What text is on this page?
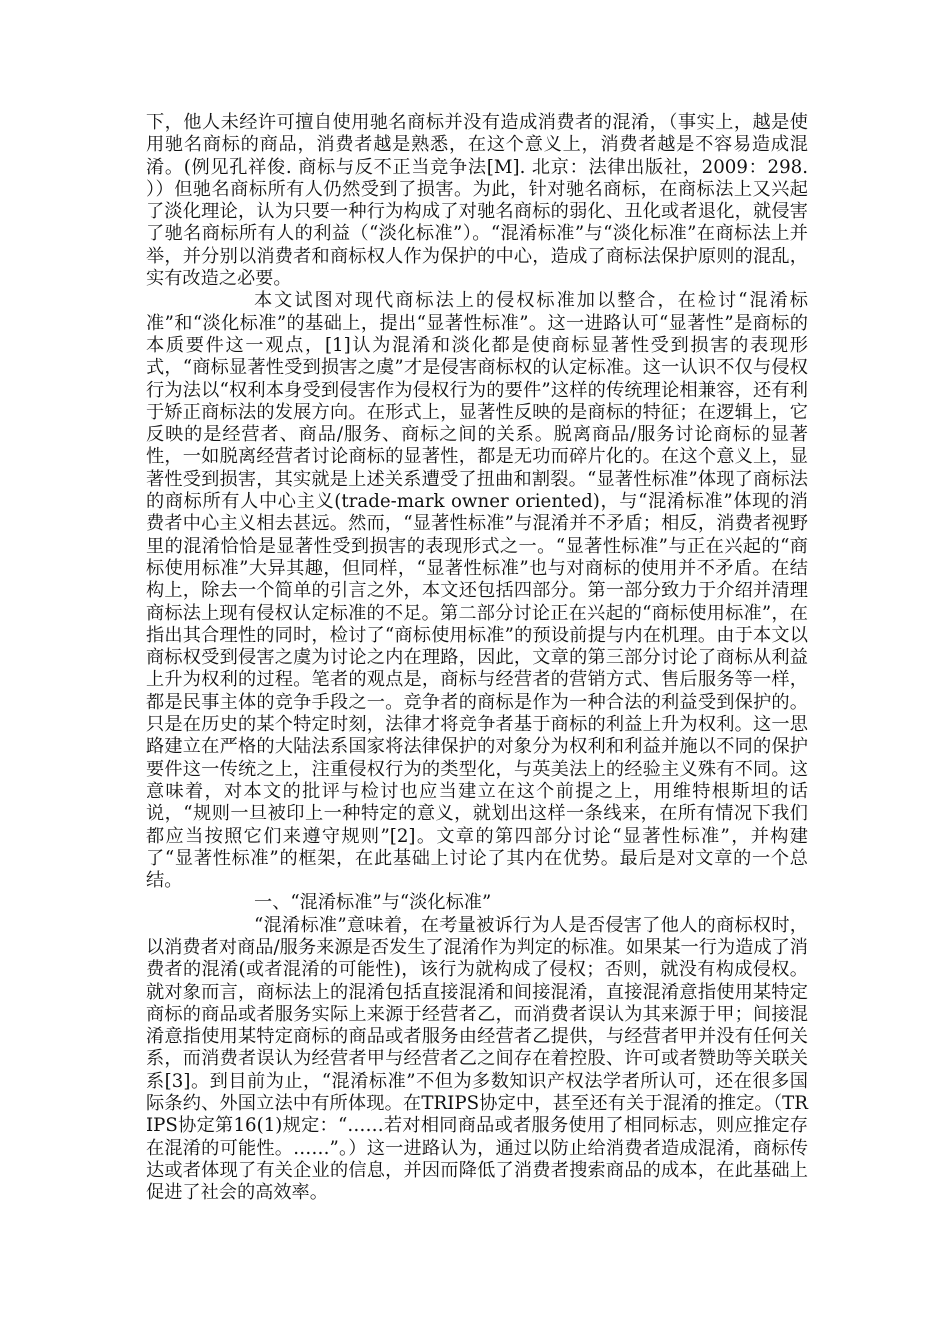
下，他人未经许可擅自使用驰名商标并没有造成消费者的混淆，（事实上，越是使用驰名商标的商品，消费者越是熟悉，在这个意义上，消费者越是不容易造成混淆。(例见孔祥俊. 商标与反不正当竞争法[M]. 北京：法律出版社，2009：298. ））但驰名商标所有人仍然受到了损害。为此，针对驰名商标，在商标法上又兴起了淡化理论，认为只要一种行为构成了对驰名商标的弱化、丑化或者退化，就侵害了驰名商标所有人的利益（“淡化标准”）。“混淆标准”与“淡化标准”在商标法上并举，并分别以消费者和商标权人作为保护的中心，造成了商标法保护原则的混乱，实有改造之必要。

本文试图对现代商标法上的侵权标准加以整合，在检讨“混淆标准”和“淡化标准”的基础上，提出“显著性标准”。这一进路认可“显著性”是商标的本质要件这一观点，[1]认为混淆和淡化都是使商标显著性受到损害的表现形式，“商标显著性受到损害之虞”才是侵害商标权的认定标准。这一认识不仅与侵权行为法以“权利本身受到侵害作为侵权行为的要件”这样的传统理论相兼容，还有利于矫正商标法的发展方向。在形式上，显著性反映的是商标的特征；在逻辑上，它反映的是经营者、商品/服务、商标之间的关系。脱离商品/服务讨论商标的显著性，一如脱离经营者讨论商标的显著性，都是无功而碎片化的。在这个意义上，显著性受到损害，其实就是上述关系遭受了扭曲和割裂。“显著性标准”体现了商标法的商标所有人中心主义(trade-mark owner oriented)，与“混淆标准”体现的消费者中心主义相去甚远。然而，“显著性标准”与混淆并不矛盾；相反，消费者视野里的混淆恰恰是显著性受到损害的表现形式之一。“显著性标准”与正在兴起的“商标使用标准”大异其趣，但同样，“显著性标准”也与对商标的使用并不矛盾。在结构上，除去一个简单的引言之外，本文还包括四部分。第一部分致力于介绍并清理商标法上现有侵权认定标准的不足。第二部分讨论正在兴起的“商标使用标准”，在指出其合理性的同时，检讨了“商标使用标准”的预设前提与内在机理。由于本文以商标权受到侵害之虞为讨论之内在理路，因此，文章的第三部分讨论了商标从利益上升为权利的过程。笔者的观点是，商标与经营者的营销方式、售后服务等一样，都是民事主体的竞争手段之一。竞争者的商标是作为一种合法的利益受到保护的。只是在历史的某个特定时刻，法律才将竞争者基于商标的利益上升为权利。这一思路建立在严格的大陆法系国家将法律保护的对象分为权利和利益并施以不同的保护要件这一传统之上，注重侵权行为的类型化，与英美法上的经验主义殊有不同。这意味着，对本文的批评与检讨也应当建立在这个前提之上，用维特根斯坦的话说，“规则一旦被印上一种特定的意义，就划出这样一条线来，在所有情况下我们都应当按照它们来遵守规则”[2]。文章的第四部分讨论“显著性标准”，并构建了“显著性标准”的框架，在此基础上讨论了其内在优势。最后是对文章的一个总结。

一、“混淆标准”与“淡化标准”

“混淆标准”意味着，在考量被诉行为人是否侵害了他人的商标权时，以消费者对商品/服务来源是否发生了混淆作为判定的标准。如果某一行为造成了消费者的混淆(或者混淆的可能性)，该行为就构成了侵权；否则，就没有构成侵权。就对象而言，商标法上的混淆包括直接混淆和间接混淆，直接混淆意指使用某特定商标的商品或者服务实际上来源于经营者乙，而消费者误认为其来源于甲；间接混淆意指使用某特定商标的商品或者服务由经营者乙提供，与经营者甲并没有任何关系，而消费者误认为经营者甲与经营者乙之间存在着控股、许可或者赞助等关联关系[3]。到目前为止，“混淆标准”不但为多数知识产权法学者所认可，还在很多国际条约、外国立法中有所体现。在TRIPS协定中，甚至还有关于混淆的推定。（TRIPS协定第16(1)规定：“……若对相同商品或者服务使用了相同标志，则应推定存在混淆的可能性。……”。）这一进路认为，通过以防止给消费者造成混淆，商标传达或者体现了有关企业的信息，并因而降低了消费者搜索商品的成本，在此基础上促进了社会的高效率。
